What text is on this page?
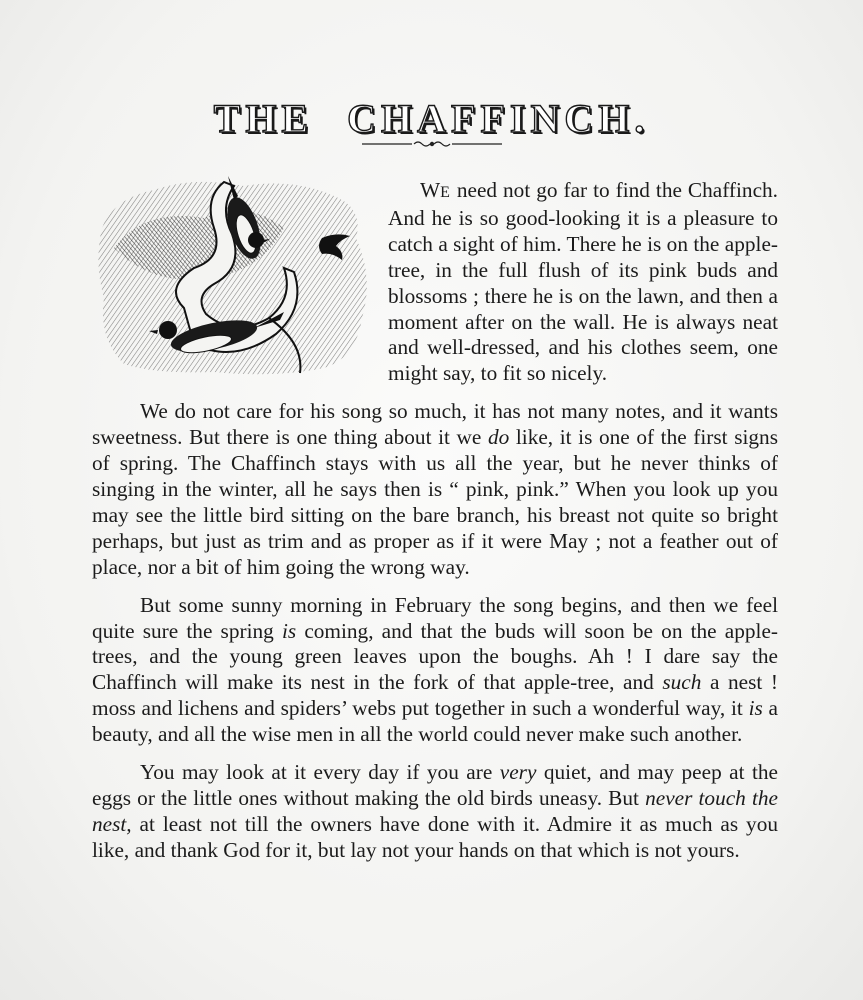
THE CHAFFINCH.

WE need not go far to find the Chaffinch. And he is so good-looking it is a pleasure to catch a sight of him. There he is on the apple-tree, in the full flush of its pink buds and blossoms ; there he is on the lawn, and then a moment after on the wall. He is always neat and well-dressed, and his clothes seem, one might say, to fit so nicely.

We do not care for his song so much, it has not many notes, and it wants sweetness. But there is one thing about it we do like, it is one of the first signs of spring. The Chaffinch stays with us all the year, but he never thinks of singing in the winter, all he says then is “ pink, pink.” When you look up you may see the little bird sitting on the bare branch, his breast not quite so bright perhaps, but just as trim and as proper as if it were May ; not a feather out of place, nor a bit of him going the wrong way.

But some sunny morning in February the song begins, and then we feel quite sure the spring is coming, and that the buds will soon be on the apple-trees, and the young green leaves upon the boughs. Ah ! I dare say the Chaffinch will make its nest in the fork of that apple-tree, and such a nest ! moss and lichens and spiders’ webs put together in such a wonderful way, it is a beauty, and all the wise men in all the world could never make such another.

You may look at it every day if you are very quiet, and may peep at the eggs or the little ones without making the old birds uneasy. But never touch the nest, at least not till the owners have done with it. Admire it as much as you like, and thank God for it, but lay not your hands on that which is not yours.
